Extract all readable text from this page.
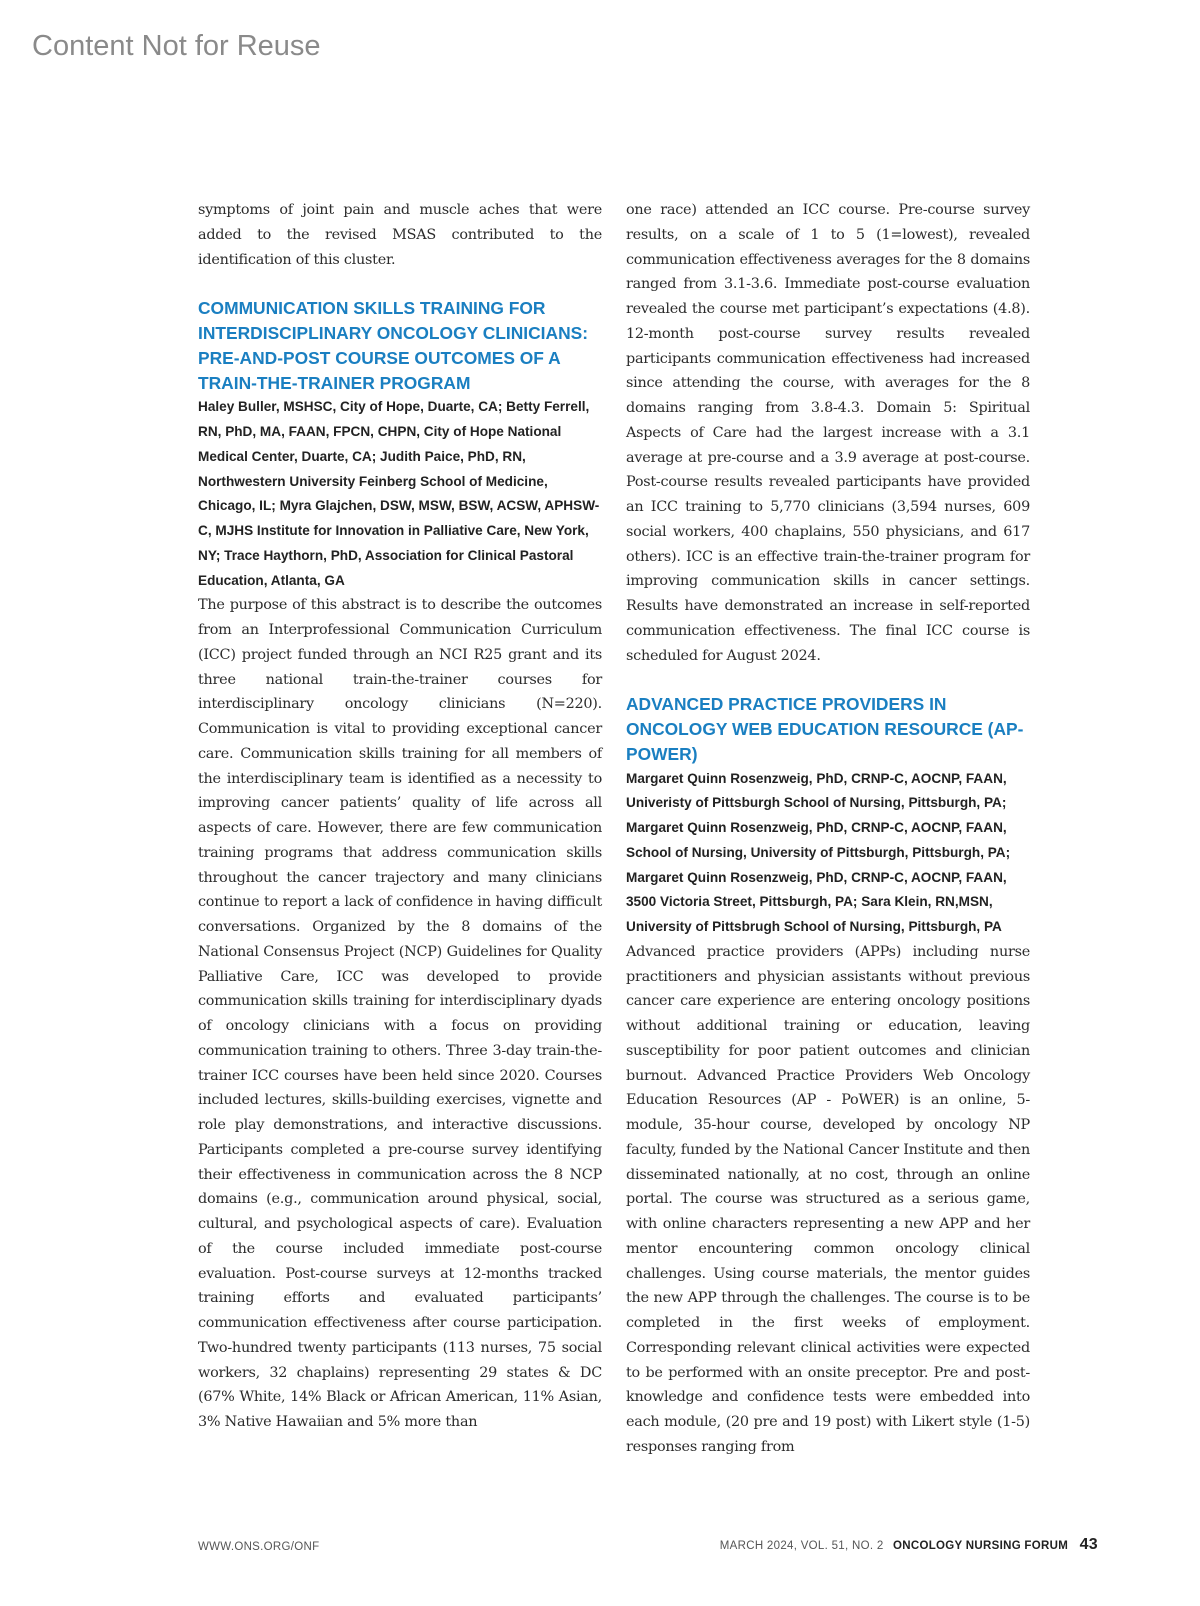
Content Not for Reuse

symptoms of joint pain and muscle aches that were added to the revised MSAS contributed to the identification of this cluster.

COMMUNICATION SKILLS TRAINING FOR INTERDISCIPLINARY ONCOLOGY CLINICIANS: PRE-AND-POST COURSE OUTCOMES OF A TRAIN-THE-TRAINER PROGRAM

Haley Buller, MSHSC, City of Hope, Duarte, CA; Betty Ferrell, RN, PhD, MA, FAAN, FPCN, CHPN, City of Hope National Medical Center, Duarte, CA; Judith Paice, PhD, RN, Northwestern University Feinberg School of Medicine, Chicago, IL; Myra Glajchen, DSW, MSW, BSW, ACSW, APHSW-C, MJHS Institute for Innovation in Palliative Care, New York, NY; Trace Haythorn, PhD, Association for Clinical Pastoral Education, Atlanta, GA

The purpose of this abstract is to describe the outcomes from an Interprofessional Communication Curriculum (ICC) project funded through an NCI R25 grant and its three national train-the-trainer courses for interdisciplinary oncology clinicians (N=220). Communication is vital to providing exceptional cancer care. Communication skills training for all members of the interdisciplinary team is identified as a necessity to improving cancer patients’ quality of life across all aspects of care. However, there are few communication training programs that address communication skills throughout the cancer trajectory and many clinicians continue to report a lack of confidence in having difficult conversations. Organized by the 8 domains of the National Consensus Project (NCP) Guidelines for Quality Palliative Care, ICC was developed to provide communication skills training for interdisciplinary dyads of oncology clinicians with a focus on providing communication training to others. Three 3-day train-the-trainer ICC courses have been held since 2020. Courses included lectures, skills-building exercises, vignette and role play demonstrations, and interactive discussions. Participants completed a pre-course survey identifying their effectiveness in communication across the 8 NCP domains (e.g., communication around physical, social, cultural, and psychological aspects of care). Evaluation of the course included immediate post-course evaluation. Post-course surveys at 12-months tracked training efforts and evaluated participants’ communication effectiveness after course participation. Two-hundred twenty participants (113 nurses, 75 social workers, 32 chaplains) representing 29 states & DC (67% White, 14% Black or African American, 11% Asian, 3% Native Hawaiian and 5% more than

one race) attended an ICC course. Pre-course survey results, on a scale of 1 to 5 (1=lowest), revealed communication effectiveness averages for the 8 domains ranged from 3.1-3.6. Immediate post-course evaluation revealed the course met participant’s expectations (4.8). 12-month post-course survey results revealed participants communication effectiveness had increased since attending the course, with averages for the 8 domains ranging from 3.8-4.3. Domain 5: Spiritual Aspects of Care had the largest increase with a 3.1 average at pre-course and a 3.9 average at post-course. Post-course results revealed participants have provided an ICC training to 5,770 clinicians (3,594 nurses, 609 social workers, 400 chaplains, 550 physicians, and 617 others). ICC is an effective train-the-trainer program for improving communication skills in cancer settings. Results have demonstrated an increase in self-reported communication effectiveness. The final ICC course is scheduled for August 2024.

ADVANCED PRACTICE PROVIDERS IN ONCOLOGY WEB EDUCATION RESOURCE (AP-POWER)

Margaret Quinn Rosenzweig, PhD, CRNP-C, AOCNP, FAAN, Univeristy of Pittsburgh School of Nursing, Pittsburgh, PA; Margaret Quinn Rosenzweig, PhD, CRNP-C, AOCNP, FAAN, School of Nursing, University of Pittsburgh, Pittsburgh, PA; Margaret Quinn Rosenzweig, PhD, CRNP-C, AOCNP, FAAN, 3500 Victoria Street, Pittsburgh, PA; Sara Klein, RN,MSN, University of Pittsbrugh School of Nursing, Pittsburgh, PA

Advanced practice providers (APPs) including nurse practitioners and physician assistants without previous cancer care experience are entering oncology positions without additional training or education, leaving susceptibility for poor patient outcomes and clinician burnout. Advanced Practice Providers Web Oncology Education Resources (AP - PoWER) is an online, 5-module, 35-hour course, developed by oncology NP faculty, funded by the National Cancer Institute and then disseminated nationally, at no cost, through an online portal. The course was structured as a serious game, with online characters representing a new APP and her mentor encountering common oncology clinical challenges. Using course materials, the mentor guides the new APP through the challenges. The course is to be completed in the first weeks of employment. Corresponding relevant clinical activities were expected to be performed with an onsite preceptor. Pre and post-knowledge and confidence tests were embedded into each module, (20 pre and 19 post) with Likert style (1-5) responses ranging from

WWW.ONS.ORG/ONF	MARCH 2024, VOL. 51, NO. 2 ONCOLOGY NURSING FORUM 43
